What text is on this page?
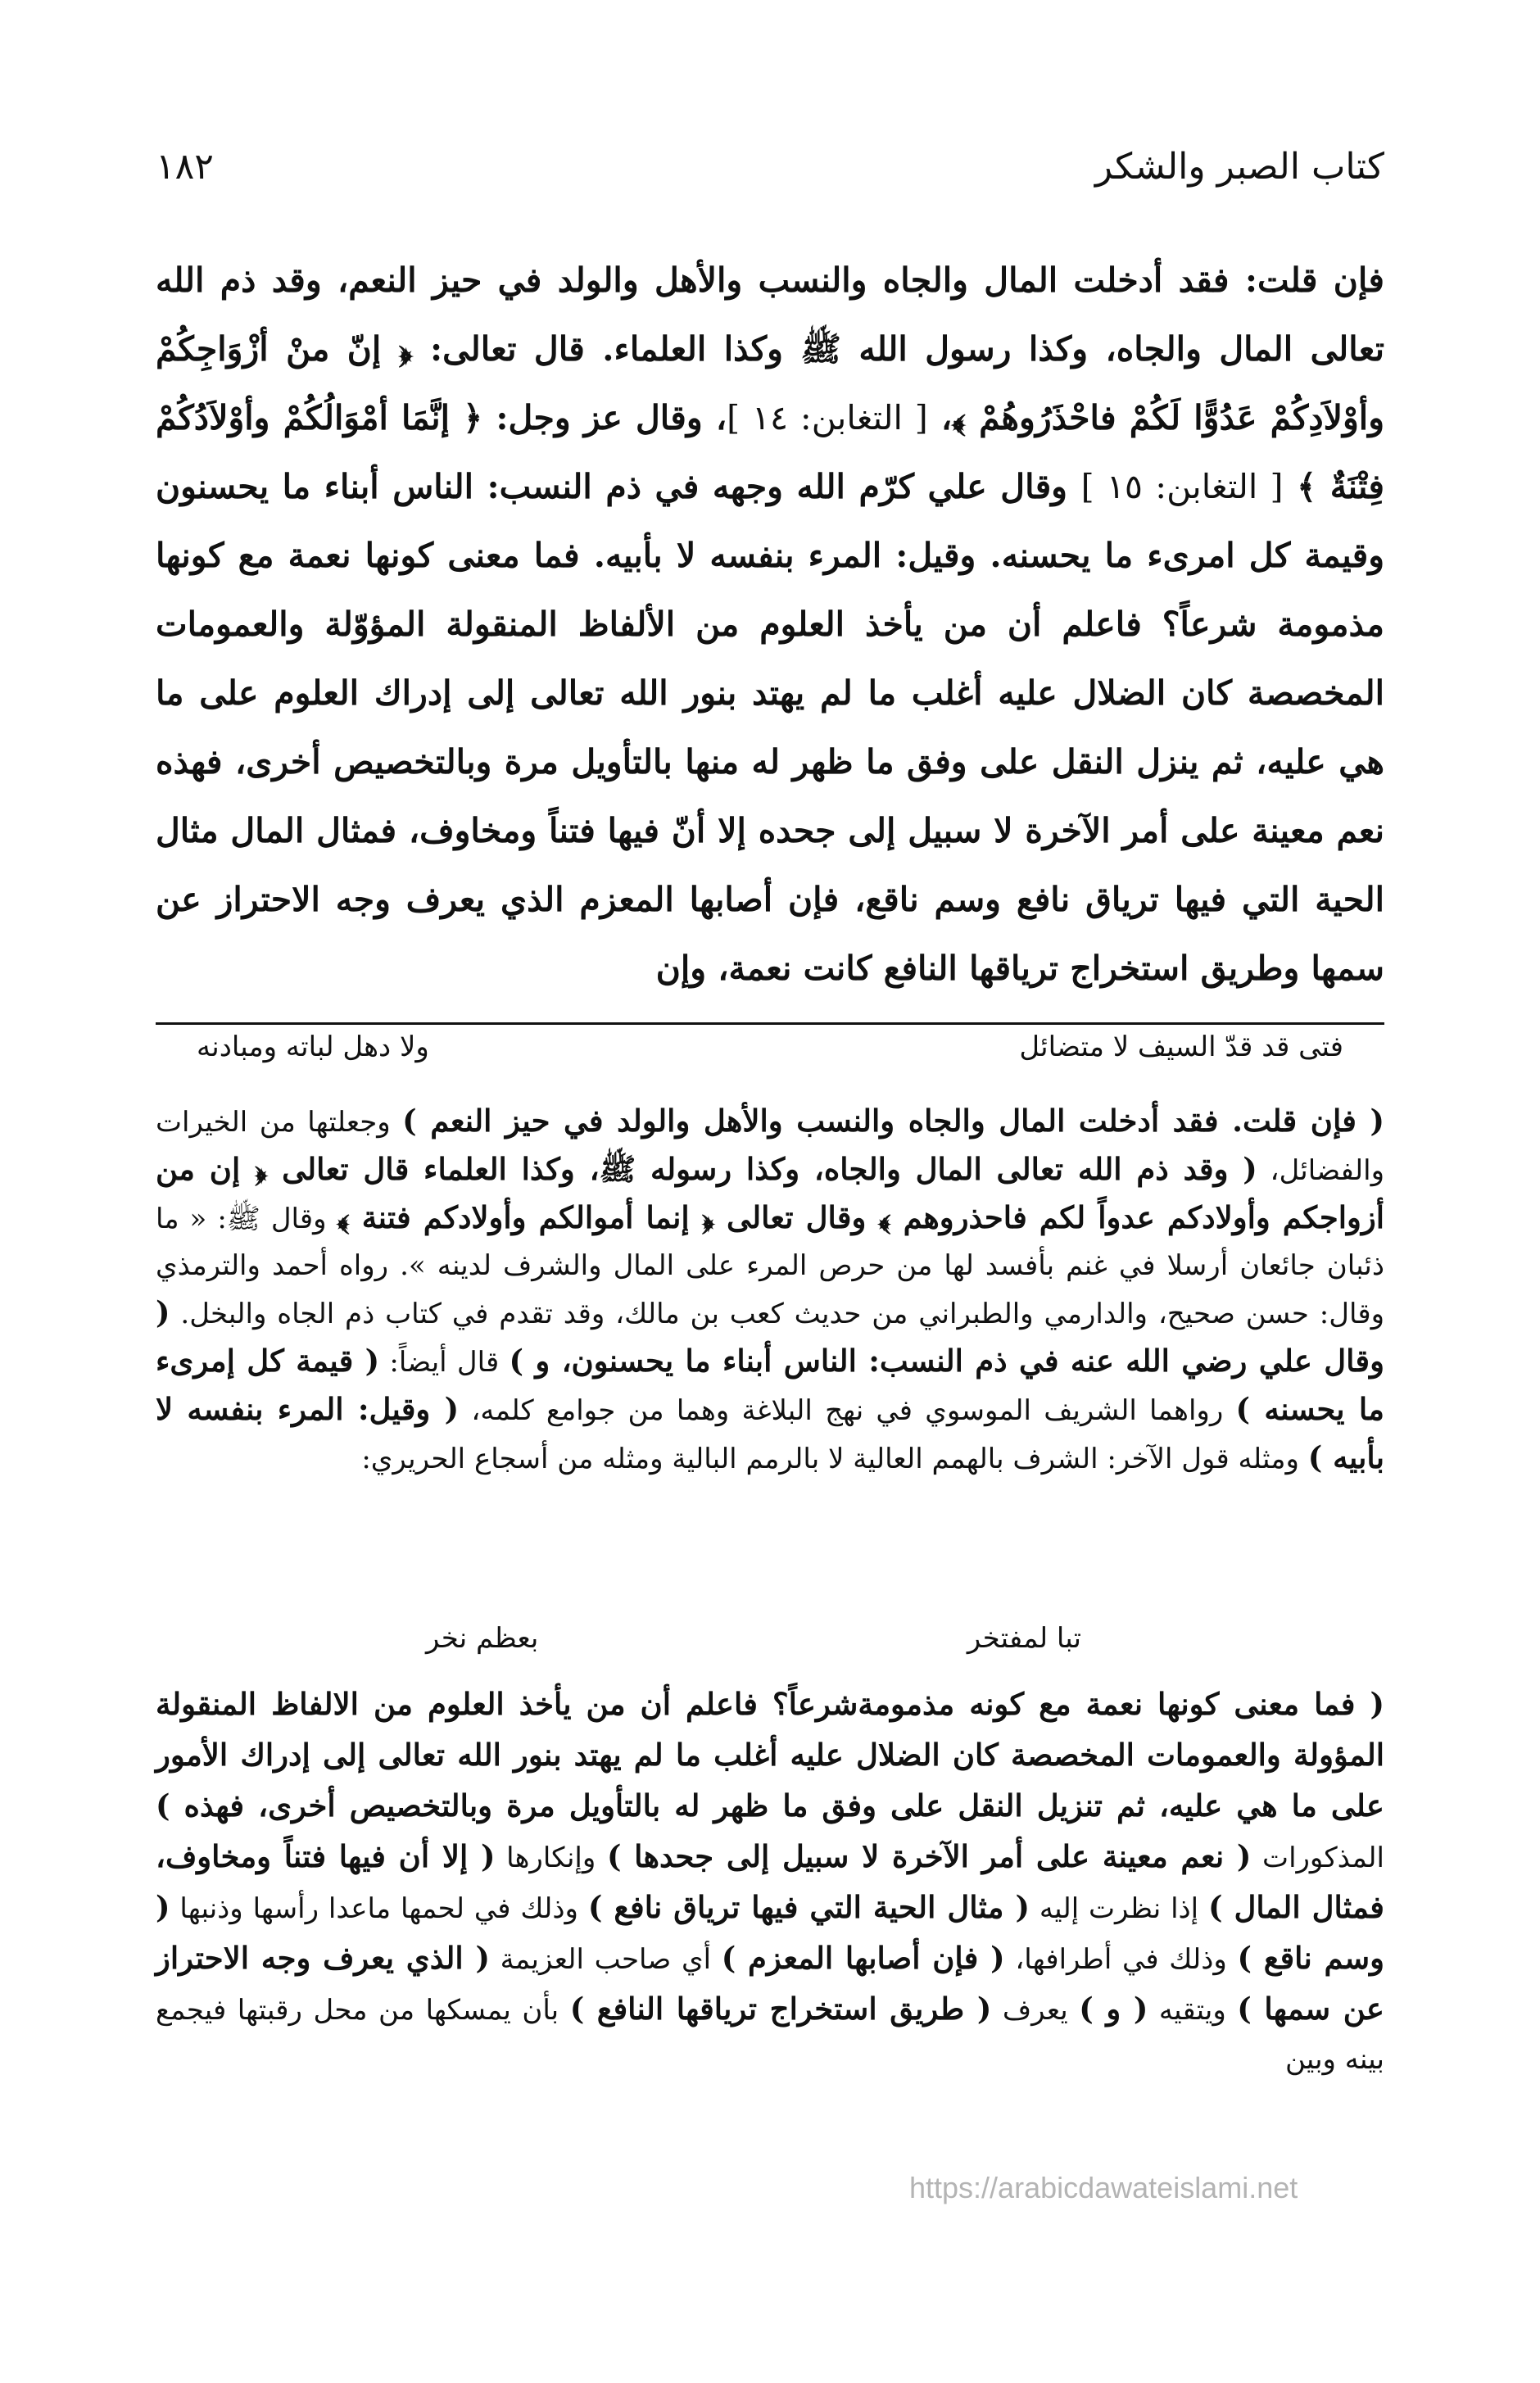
١٨٢	كتاب الصبر والشكر

فإن قلت: فقد أدخلت المال والجاه والنسب والأهل والولد في حيز النعم، وقد ذم الله تعالى المال والجاه، وكذا رسول الله ﷺ وكذا العلماء. قال تعالى: ﴿ إنّ منْ أزْوَاجِكُمْ وأوْلاَدِكُمْ عَدُوًّا لَكُمْ فاحْذَرُوهُمْ ﴾، [ التغابن: ١٤ ]، وقال عز وجل: ﴿ إنَّمَا أمْوَالُكُمْ وأوْلاَدُكُمْ فِتْنَةٌ ﴾ [ التغابن: ١٥ ] وقال علي كرّم الله وجهه في ذم النسب: الناس أبناء ما يحسنون وقيمة كل امرىء ما يحسنه. وقيل: المرء بنفسه لا بأبيه. فما معنى كونها نعمة مع كونها مذمومة شرعاً؟ فاعلم أن من يأخذ العلوم من الألفاظ المنقولة المؤوّلة والعمومات المخصصة كان الضلال عليه أغلب ما لم يهتد بنور الله تعالى إلى إدراك العلوم على ما هي عليه، ثم ينزل النقل على وفق ما ظهر له منها بالتأويل مرة وبالتخصيص أخرى، فهذه نعم معينة على أمر الآخرة لا سبيل إلى جحده إلا أنّ فيها فتناً ومخاوف، فمثال المال مثال الحية التي فيها ترياق نافع وسم ناقع، فإن أصابها المعزم الذي يعرف وجه الاحتراز عن سمها وطريق استخراج ترياقها النافع كانت نعمة، وإن

فتى قد قدّ السيف لا متضائل
ولا دهل لباته ومبادنه
( فإن قلت. فقد أدخلت المال والجاه والنسب والأهل والولد في حيز النعم ) وجعلتها من الخيرات والفضائل، ( وقد ذم الله تعالى المال والجاه، وكذا رسوله ﷺ، وكذا العلماء قال تعالى ﴿ إن من أزواجكم وأولادكم عدواً لكم فاحذروهم ﴾ وقال تعالى ﴿ إنما أموالكم وأولادكم فتنة ﴾ وقال ﷺ: « ما ذئبان جائعان أرسلا في غنم بأفسد لها من حرص المرء على المال والشرف لدينه ». رواه أحمد والترمذي وقال: حسن صحيح، والدارمي والطبراني من حديث كعب بن مالك، وقد تقدم في كتاب ذم الجاه والبخل. ( وقال علي رضي الله عنه في ذم النسب: الناس أبناء ما يحسنون، و ) قال أيضاً: ( قيمة كل إمرىء ما يحسنه ) رواهما الشريف الموسوي في نهج البلاغة وهما من جوامع كلمه، ( وقيل: المرء بنفسه لا بأبيه ) ومثله قول الآخر: الشرف بالهمم العالية لا بالرمم البالية ومثله من أسجاع الحريري:
تبا لمفتخر
بعظم نخر
( فما معنى كونها نعمة مع كونه مذمومةشرعاً؟ فاعلم أن من يأخذ العلوم من الالفاظ المنقولة المؤولة والعمومات المخصصة كان الضلال عليه أغلب ما لم يهتد بنور الله تعالى إلى إدراك الأمور على ما هي عليه، ثم تنزيل النقل على وفق ما ظهر له بالتأويل مرة وبالتخصيص أخرى، فهذه ) المذكورات ( نعم معينة على أمر الآخرة لا سبيل إلى جحدها ) وإنكارها ( إلا أن فيها فتناً ومخاوف، فمثال المال ) إذا نظرت إليه ( مثال الحية التي فيها ترياق نافع ) وذلك في لحمها ماعدا رأسها وذنبها ( وسم ناقع ) وذلك في أطرافها، ( فإن أصابها المعزم ) أي صاحب العزيمة ( الذي يعرف وجه الاحتراز عن سمها ) ويتقيه ( و ) يعرف ( طريق استخراج ترياقها النافع ) بأن يمسكها من محل رقبتها فيجمع بينه وبين
https://arabicdawateislami.net
